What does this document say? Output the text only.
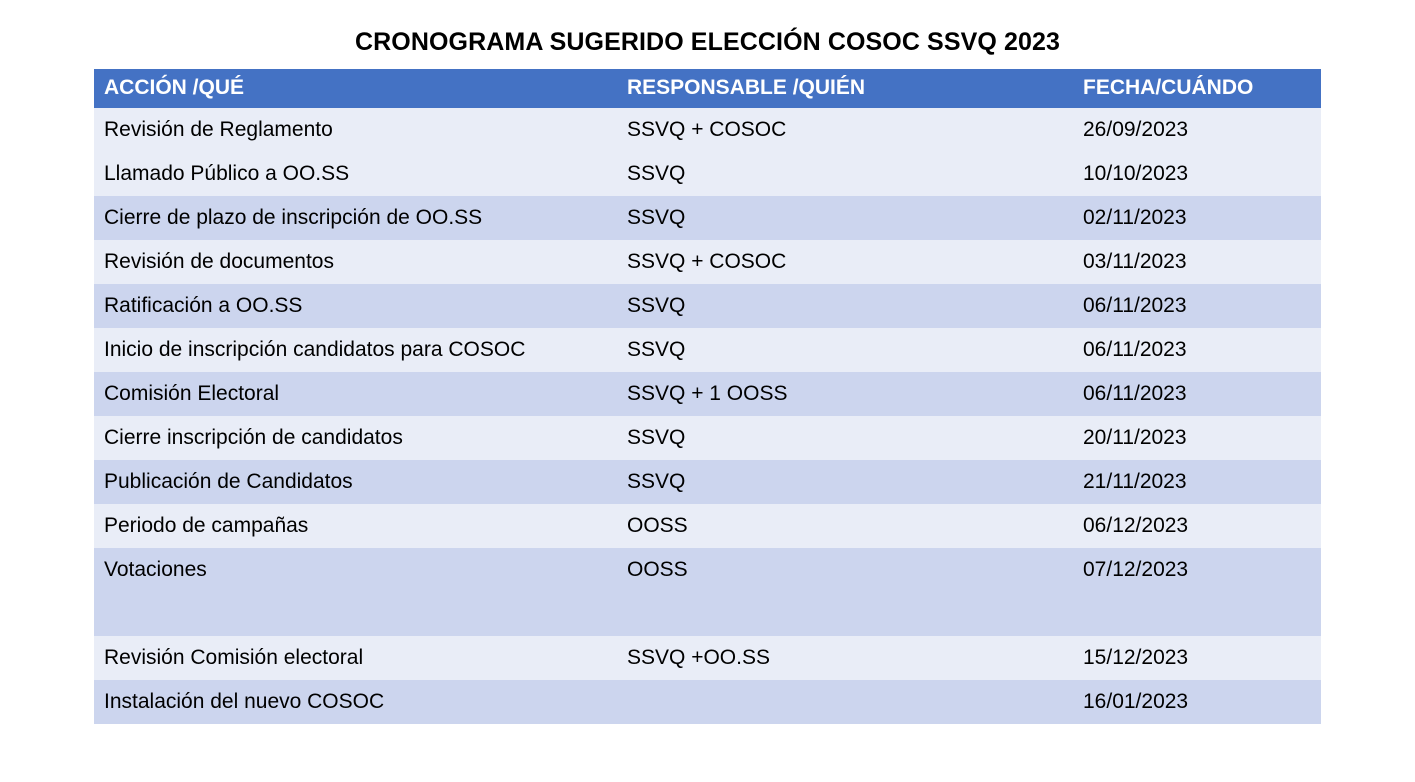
CRONOGRAMA SUGERIDO ELECCIÓN COSOC SSVQ 2023
ACCIÓN /QUÉ	RESPONSABLE /QUIÉN	FECHA/CUÁNDO
Revisión de Reglamento	SSVQ + COSOC	26/09/2023
Llamado Público a OO.SS	SSVQ	10/10/2023
Cierre de plazo de inscripción de OO.SS	SSVQ	02/11/2023
Revisión de documentos	SSVQ + COSOC	03/11/2023
Ratificación a OO.SS	SSVQ	06/11/2023
Inicio de inscripción candidatos para COSOC	SSVQ	06/11/2023
Comisión Electoral	SSVQ + 1 OOSS	06/11/2023
Cierre inscripción de candidatos	SSVQ	20/11/2023
Publicación de Candidatos	SSVQ	21/11/2023
Periodo de campañas	OOSS	06/12/2023
Votaciones	OOSS	07/12/2023

Revisión Comisión electoral	SSVQ +OO.SS	15/12/2023
Instalación del nuevo COSOC		16/01/2023
